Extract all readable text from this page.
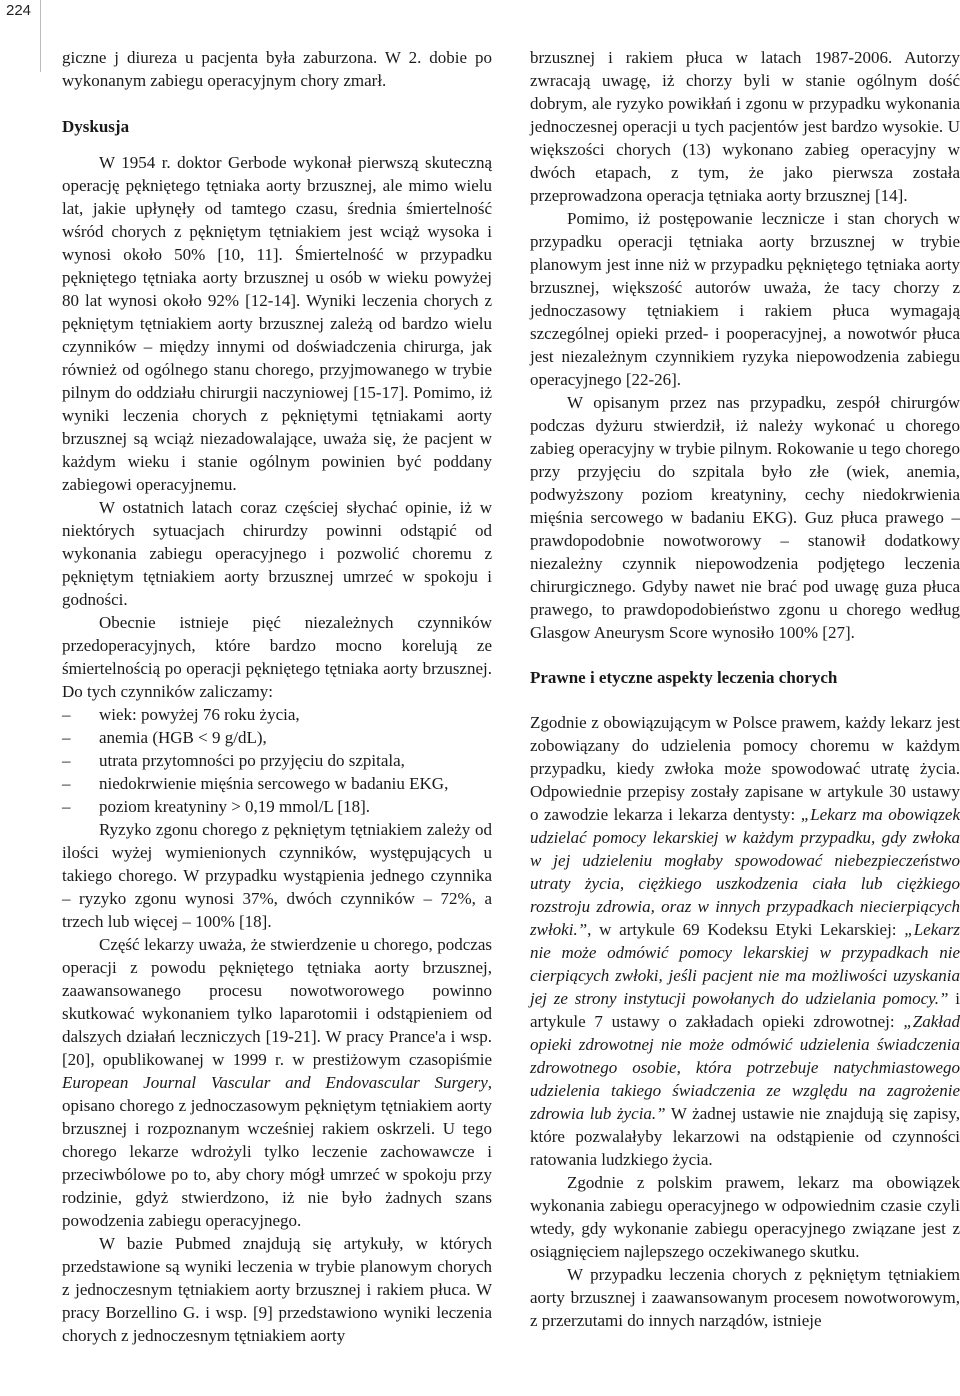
224

giczne j diureza u pacjenta była zaburzona. W 2. dobie po wykonanym zabiegu operacyjnym chory zmarł.

Dyskusja

W 1954 r. doktor Gerbode wykonał pierwszą skuteczną operację pękniętego tętniaka aorty brzusznej, ale mimo wielu lat, jakie upłynęły od tamtego czasu, średnia śmiertelność wśród chorych z pękniętym tętniakiem jest wciąż wysoka i wynosi około 50% [10, 11]. Śmiertelność w przypadku pękniętego tętniaka aorty brzusznej u osób w wieku powyżej 80 lat wynosi około 92% [12-14]. Wyniki leczenia chorych z pękniętym tętniakiem aorty brzusznej zależą od bardzo wielu czynników – między innymi od doświadczenia chirurga, jak również od ogólnego stanu chorego, przyjmowanego w trybie pilnym do oddziału chirurgii naczyniowej [15-17]. Pomimo, iż wyniki leczenia chorych z pękniętymi tętniakami aorty brzusznej są wciąż niezadowalające, uważa się, że pacjent w każdym wieku i stanie ogólnym powinien być poddany zabiegowi operacyjnemu.

W ostatnich latach coraz częściej słychać opinie, iż w niektórych sytuacjach chirurdzy powinni odstąpić od wykonania zabiegu operacyjnego i pozwolić choremu z pękniętym tętniakiem aorty brzusznej umrzeć w spokoju i godności.

Obecnie istnieje pięć niezależnych czynników przedoperacyjnych, które bardzo mocno korelują ze śmiertelnością po operacji pękniętego tętniaka aorty brzusznej. Do tych czynników zaliczamy:

– wiek: powyżej 76 roku życia,
– anemia (HGB < 9 g/dL),
– utrata przytomności po przyjęciu do szpitala,
– niedokrwienie mięśnia sercowego w badaniu EKG,
– poziom kreatyniny > 0,19 mmol/L [18].

Ryzyko zgonu chorego z pękniętym tętniakiem zależy od ilości wyżej wymienionych czynników, występujących u takiego chorego. W przypadku wystąpienia jednego czynnika – ryzyko zgonu wynosi 37%, dwóch czynników – 72%, a trzech lub więcej – 100% [18].

Część lekarzy uważa, że stwierdzenie u chorego, podczas operacji z powodu pękniętego tętniaka aorty brzusznej, zaawansowanego procesu nowotworowego powinno skutkować wykonaniem tylko laparotomii i odstąpieniem od dalszych działań leczniczych [19-21]. W pracy Prance'a i wsp. [20], opublikowanej w 1999 r. w prestiżowym czasopiśmie European Journal Vascular and Endovascular Surgery, opisano chorego z jednoczasowym pękniętym tętniakiem aorty brzusznej i rozpoznanym wcześniej rakiem oskrzeli. U tego chorego lekarze wdrożyli tylko leczenie zachowawcze i przeciwbólowe po to, aby chory mógł umrzeć w spokoju przy rodzinie, gdyż stwierdzono, iż nie było żadnych szans powodzenia zabiegu operacyjnego.

W bazie Pubmed znajdują się artykuły, w których przedstawione są wyniki leczenia w trybie planowym chorych z jednoczesnym tętniakiem aorty brzusznej i rakiem płuca. W pracy Borzellino G. i wsp. [9] przedstawiono wyniki leczenia chorych z jednoczesnym tętniakiem aorty

brzusznej i rakiem płuca w latach 1987-2006. Autorzy zwracają uwagę, iż chorzy byli w stanie ogólnym dość dobrym, ale ryzyko powikłań i zgonu w przypadku wykonania jednoczesnej operacji u tych pacjentów jest bardzo wysokie. U większości chorych (13) wykonano zabieg operacyjny w dwóch etapach, z tym, że jako pierwsza została przeprowadzona operacja tętniaka aorty brzusznej [14].

Pomimo, iż postępowanie lecznicze i stan chorych w przypadku operacji tętniaka aorty brzusznej w trybie planowym jest inne niż w przypadku pękniętego tętniaka aorty brzusznej, większość autorów uważa, że tacy chorzy z jednoczasowy tętniakiem i rakiem płuca wymagają szczególnej opieki przed- i pooperacyjnej, a nowotwór płuca jest niezależnym czynnikiem ryzyka niepowodzenia zabiegu operacyjnego [22-26].

W opisanym przez nas przypadku, zespół chirurgów podczas dyżuru stwierdził, iż należy wykonać u chorego zabieg operacyjny w trybie pilnym. Rokowanie u tego chorego przy przyjęciu do szpitala było złe (wiek, anemia, podwyższony poziom kreatyniny, cechy niedokrwienia mięśnia sercowego w badaniu EKG). Guz płuca prawego – prawdopodobnie nowotworowy – stanowił dodatkowy niezależny czynnik niepowodzenia podjętego leczenia chirurgicznego. Gdyby nawet nie brać pod uwagę guza płuca prawego, to prawdopodobieństwo zgonu u chorego według Glasgow Aneurysm Score wynosiło 100% [27].

Prawne i etyczne aspekty leczenia chorych

Zgodnie z obowiązującym w Polsce prawem, każdy lekarz jest zobowiązany do udzielenia pomocy choremu w każdym przypadku, kiedy zwłoka może spowodować utratę życia. Odpowiednie przepisy zostały zapisane w artykule 30 ustawy o zawodzie lekarza i lekarza dentysty: „Lekarz ma obowiązek udzielać pomocy lekarskiej w każdym przypadku, gdy zwłoka w jej udzieleniu mogłaby spowodować niebezpieczeństwo utraty życia, ciężkiego uszkodzenia ciała lub ciężkiego rozstroju zdrowia, oraz w innych przypadkach niecierpiących zwłoki.”, w artykule 69 Kodeksu Etyki Lekarskiej: „Lekarz nie może odmówić pomocy lekarskiej w przypadkach nie cierpiących zwłoki, jeśli pacjent nie ma możliwości uzyskania jej ze strony instytucji powołanych do udzielania pomocy.” i artykule 7 ustawy o zakładach opieki zdrowotnej: „Zakład opieki zdrowotnej nie może odmówić udzielenia świadczenia zdrowotnego osobie, która potrzebuje natychmiastowego udzielenia takiego świadczenia ze względu na zagrożenie zdrowia lub życia.” W żadnej ustawie nie znajdują się zapisy, które pozwalałyby lekarzowi na odstąpienie od czynności ratowania ludzkiego życia.

Zgodnie z polskim prawem, lekarz ma obowiązek wykonania zabiegu operacyjnego w odpowiednim czasie czyli wtedy, gdy wykonanie zabiegu operacyjnego związane jest z osiągnięciem najlepszego oczekiwanego skutku.

W przypadku leczenia chorych z pękniętym tętniakiem aorty brzusznej i zaawansowanym procesem nowotworowym, z przerzutami do innych narządów, istnieje
